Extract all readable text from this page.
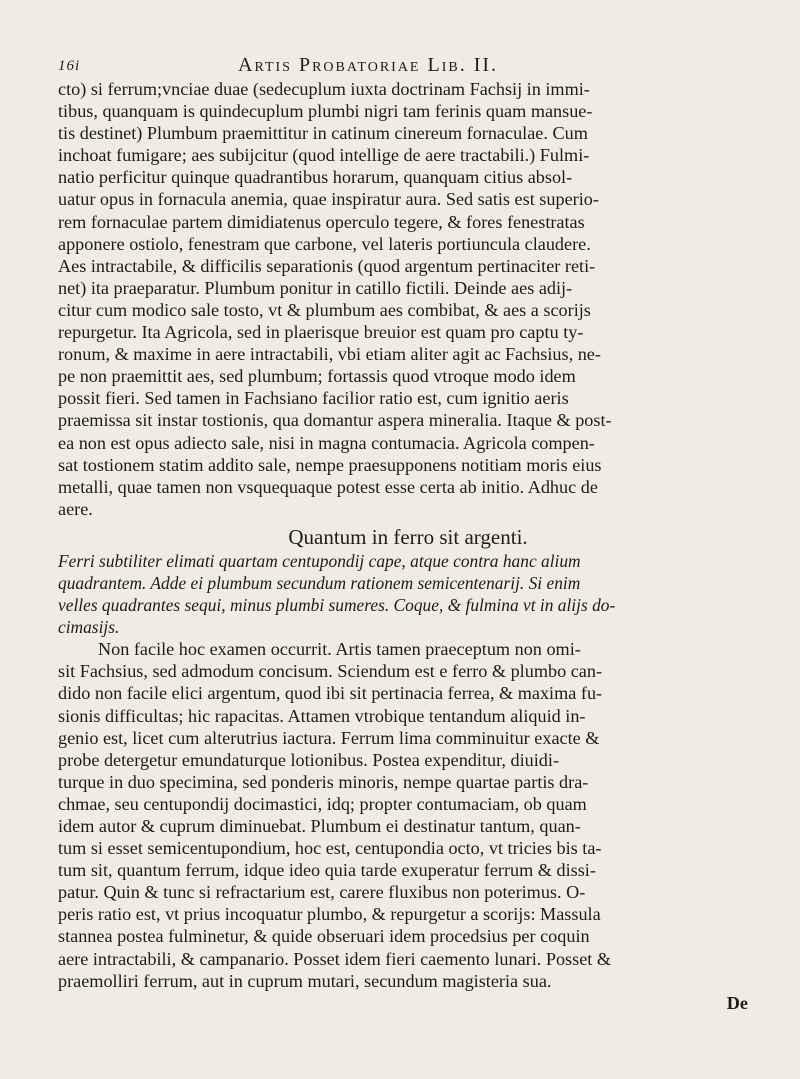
16i	Artis Probatoriae Lib. II.
cto) si ferrum;vnciae duae (sedecuplum iuxta doctrinam Fachsij in immi-
tibus, quanquam is quindecuplum plumbi nigri tam ferinis quam mansue-
tis destinet) Plumbum praemittitur in catinum cinereum fornaculae. Cum
inchoat fumigare; aes subijcitur (quod intellige de aere tractabili.) Fulmi-
natio perficitur quinque quadrantibus horarum, quanquam citius absol-
uatur opus in fornacula anemia, quae inspiratur aura. Sed satis est superio-
rem fornaculae partem dimidiatenus operculo tegere, & fores fenestratas
apponere ostiolo, fenestram que carbone, vel lateris portiuncula claudere.
Aes intractabile, & difficilis separationis (quod argentum pertinaciter reti-
net) ita praeparatur. Plumbum ponitur in catillo fictili. Deinde aes adij-
citur cum modico sale tosto, vt & plumbum aes combibat, & aes a scorijs
repurgetur. Ita Agricola, sed in plaerisque breuior est quam pro captu ty-
ronum, & maxime in aere intractabili, vbi etiam aliter agit ac Fachsius, ne-
pe non praemittit aes, sed plumbum; fortassis quod vtroque modo idem
possit fieri. Sed tamen in Fachsiano facilior ratio est, cum ignitio aeris
praemissa sit instar tostionis, qua domantur aspera mineralia. Itaque & post-
ea non est opus adiecto sale, nisi in magna contumacia. Agricola compen-
sat tostionem statim addito sale, nempe praesupponens notitiam moris eius
metalli, quae tamen non vsquequaque potest esse certa ab initio. Adhuc de
aere.
Quantum in ferro sit argenti.
Ferri subtiliter elimati quartam centupondij cape, atque contra hanc alium
quadrantem. Adde ei plumbum secundum rationem semicentenarij. Si enim
velles quadrantes sequi, minus plumbi sumeres. Coque, & fulmina vt in alijs do-
cimasijs.
Non facile hoc examen occurrit. Artis tamen praeceptum non omi-
sit Fachsius, sed admodum concisum. Sciendum est e ferro & plumbo can-
dido non facile elici argentum, quod ibi sit pertinacia ferrea, & maxima fu-
sionis difficultas; hic rapacitas. Attamen vtrobique tentandum aliquid in-
genio est, licet cum alterutrius iactura. Ferrum lima comminuitur exacte &
probe detergetur emundaturque lotionibus. Postea expenditur, diuidi-
turque in duo specimina, sed ponderis minoris, nempe quartae partis dra-
chmae, seu centupondij docimastici, idq; propter contumaciam, ob quam
idem autor & cuprum diminuebat. Plumbum ei destinatur tantum, quan-
tum si esset semicentupondium, hoc est, centupondia octo, vt tricies bis ta-
tum sit, quantum ferrum, idque ideo quia tarde exuperatur ferrum & dissi-
patur. Quin & tunc si refractarium est, carere fluxibus non poterimus. O-
peris ratio est, vt prius incoquatur plumbo, & repurgetur a scorijs: Massula
stannea postea fulminetur, & quide obseruari idem procedsius per coquin
aere intractabili, & campanario. Posset idem fieri caemento lunari. Posset &
praemolliri ferrum, aut in cuprum mutari, secundum magisteria sua.
De
